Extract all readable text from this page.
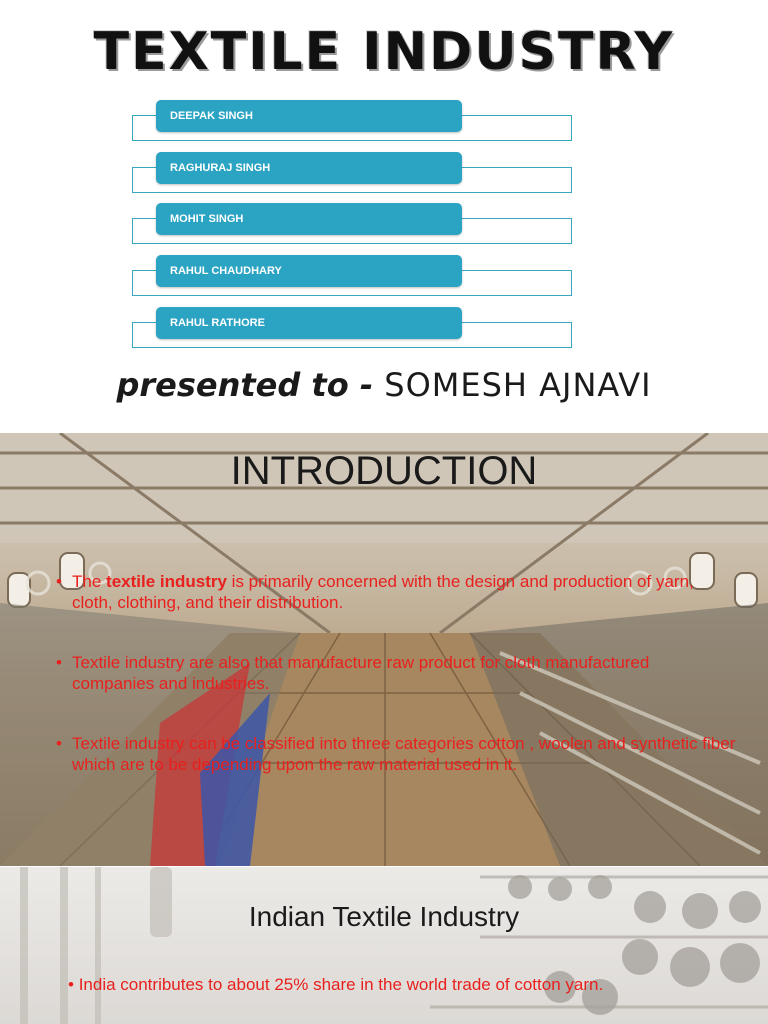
TEXTILE INDUSTRY
DEEPAK SINGH
RAGHURAJ SINGH
MOHIT SINGH
RAHUL CHAUDHARY
RAHUL RATHORE
presented to - SOMESH AJNAVI
INTRODUCTION
• The textile industry is primarily concerned with the design and production of yarn, cloth, clothing, and their distribution.
• Textile industry are also that manufacture raw product for cloth manufactured companies and industries.
• Textile industry can be classified into three categories cotton , woolen and synthetic fiber which are to be depending upon the raw material used in it.
Indian Textile Industry
• India contributes to about 25% share in the world trade of cotton yarn.
